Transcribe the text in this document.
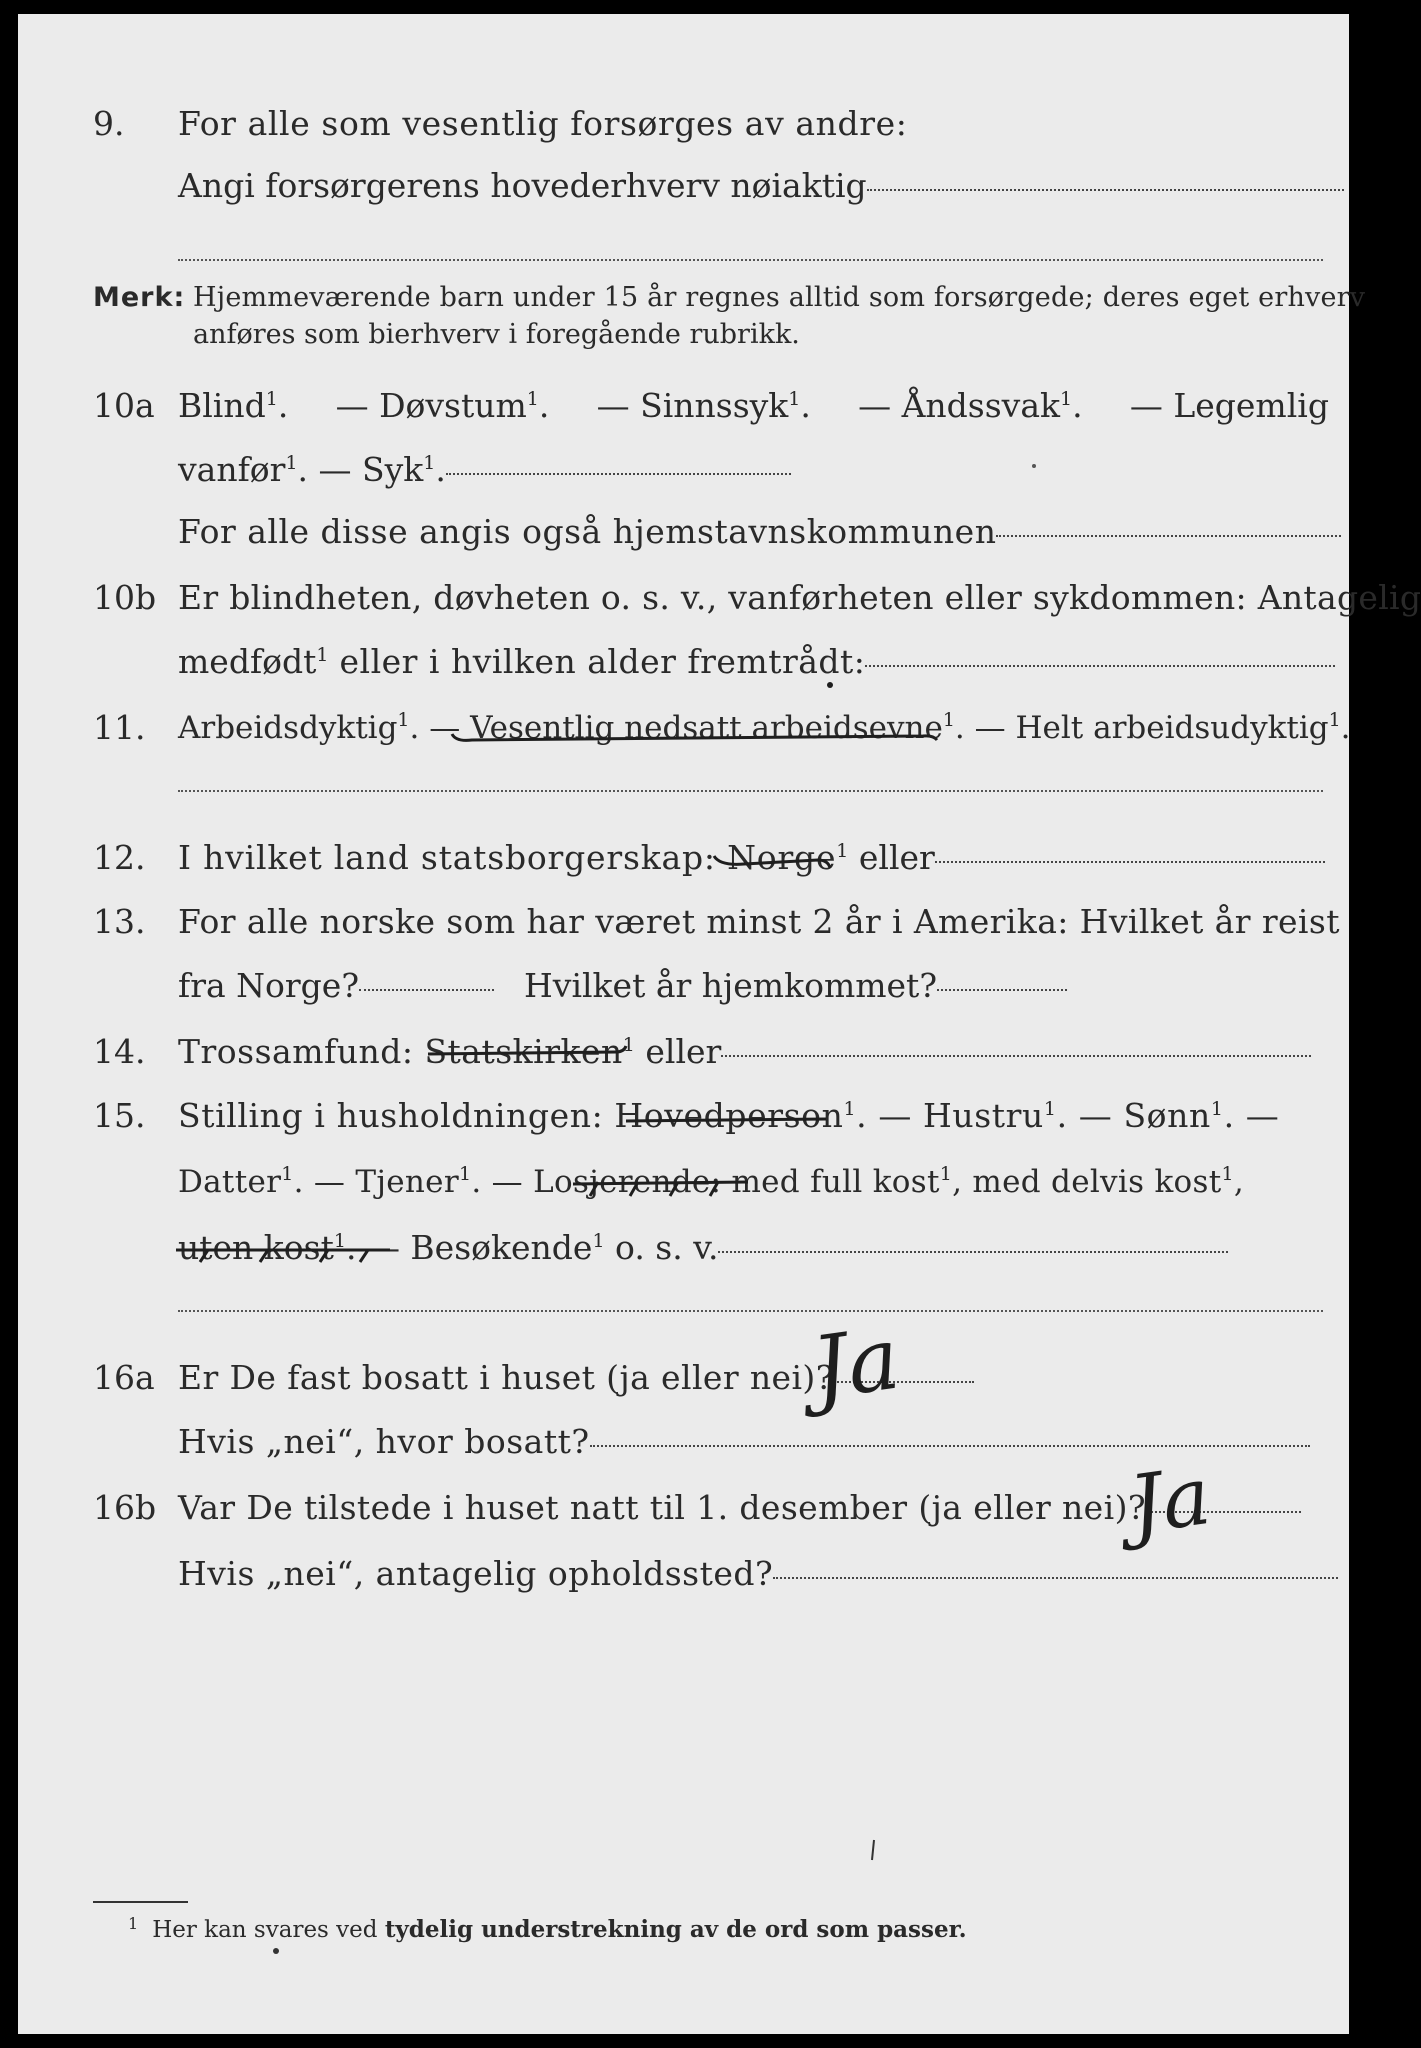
9. For alle som vesentlig forsørges av andre:
Angi forsørgerens hovederhverv nøiaktig
Merk: Hjemmeværende barn under 15 år regnes alltid som forsørgede; deres eget erhverv
anføres som bierhverv i foregående rubrikk.
10a Blind$^1$. — Døvstum$^1$. — Sinnssyk$^1$. — Åndssvak$^1$. — Legemlig
vanfør$^1$. — Syk$^1$.
For alle disse angis også hjemstavnskommunen
10b Er blindheten, døvheten o. s. v., vanførheten eller sykdommen: Antagelig
medfødt$^1$ eller i hvilken alder fremtrådt:
11. Arbeidsdyktig$^1$. — Vesentlig nedsatt arbeidsevne$^1$. — Helt arbeidsudyktig$^1$.
12. I hvilket land statsborgerskap: Norge$^1$ eller
13. For alle norske som har været minst 2 år i Amerika: Hvilket år reist
fra Norge?	Hvilket år hjemkommet?
14. Trossamfund: Statskirken$^1$ eller
15. Stilling i husholdningen: Hovedperson$^1$. — Hustru$^1$. — Sønn$^1$. —
Datter$^1$. — Tjener$^1$. — Losjerende: med full kost$^1$, med delvis kost$^1$,
uten kost$^1$. — Besøkende$^1$ o. s. v.
16a Er De fast bosatt i huset (ja eller nei)?
Hvis „nei“, hvor bosatt?
16b Var De tilstede i huset natt til 1. desember (ja eller nei)?
Hvis „nei“, antagelig opholdssted?
Ja
Ja
$^1$ Her kan svares ved tydelig understrekning av de ord som passer.
